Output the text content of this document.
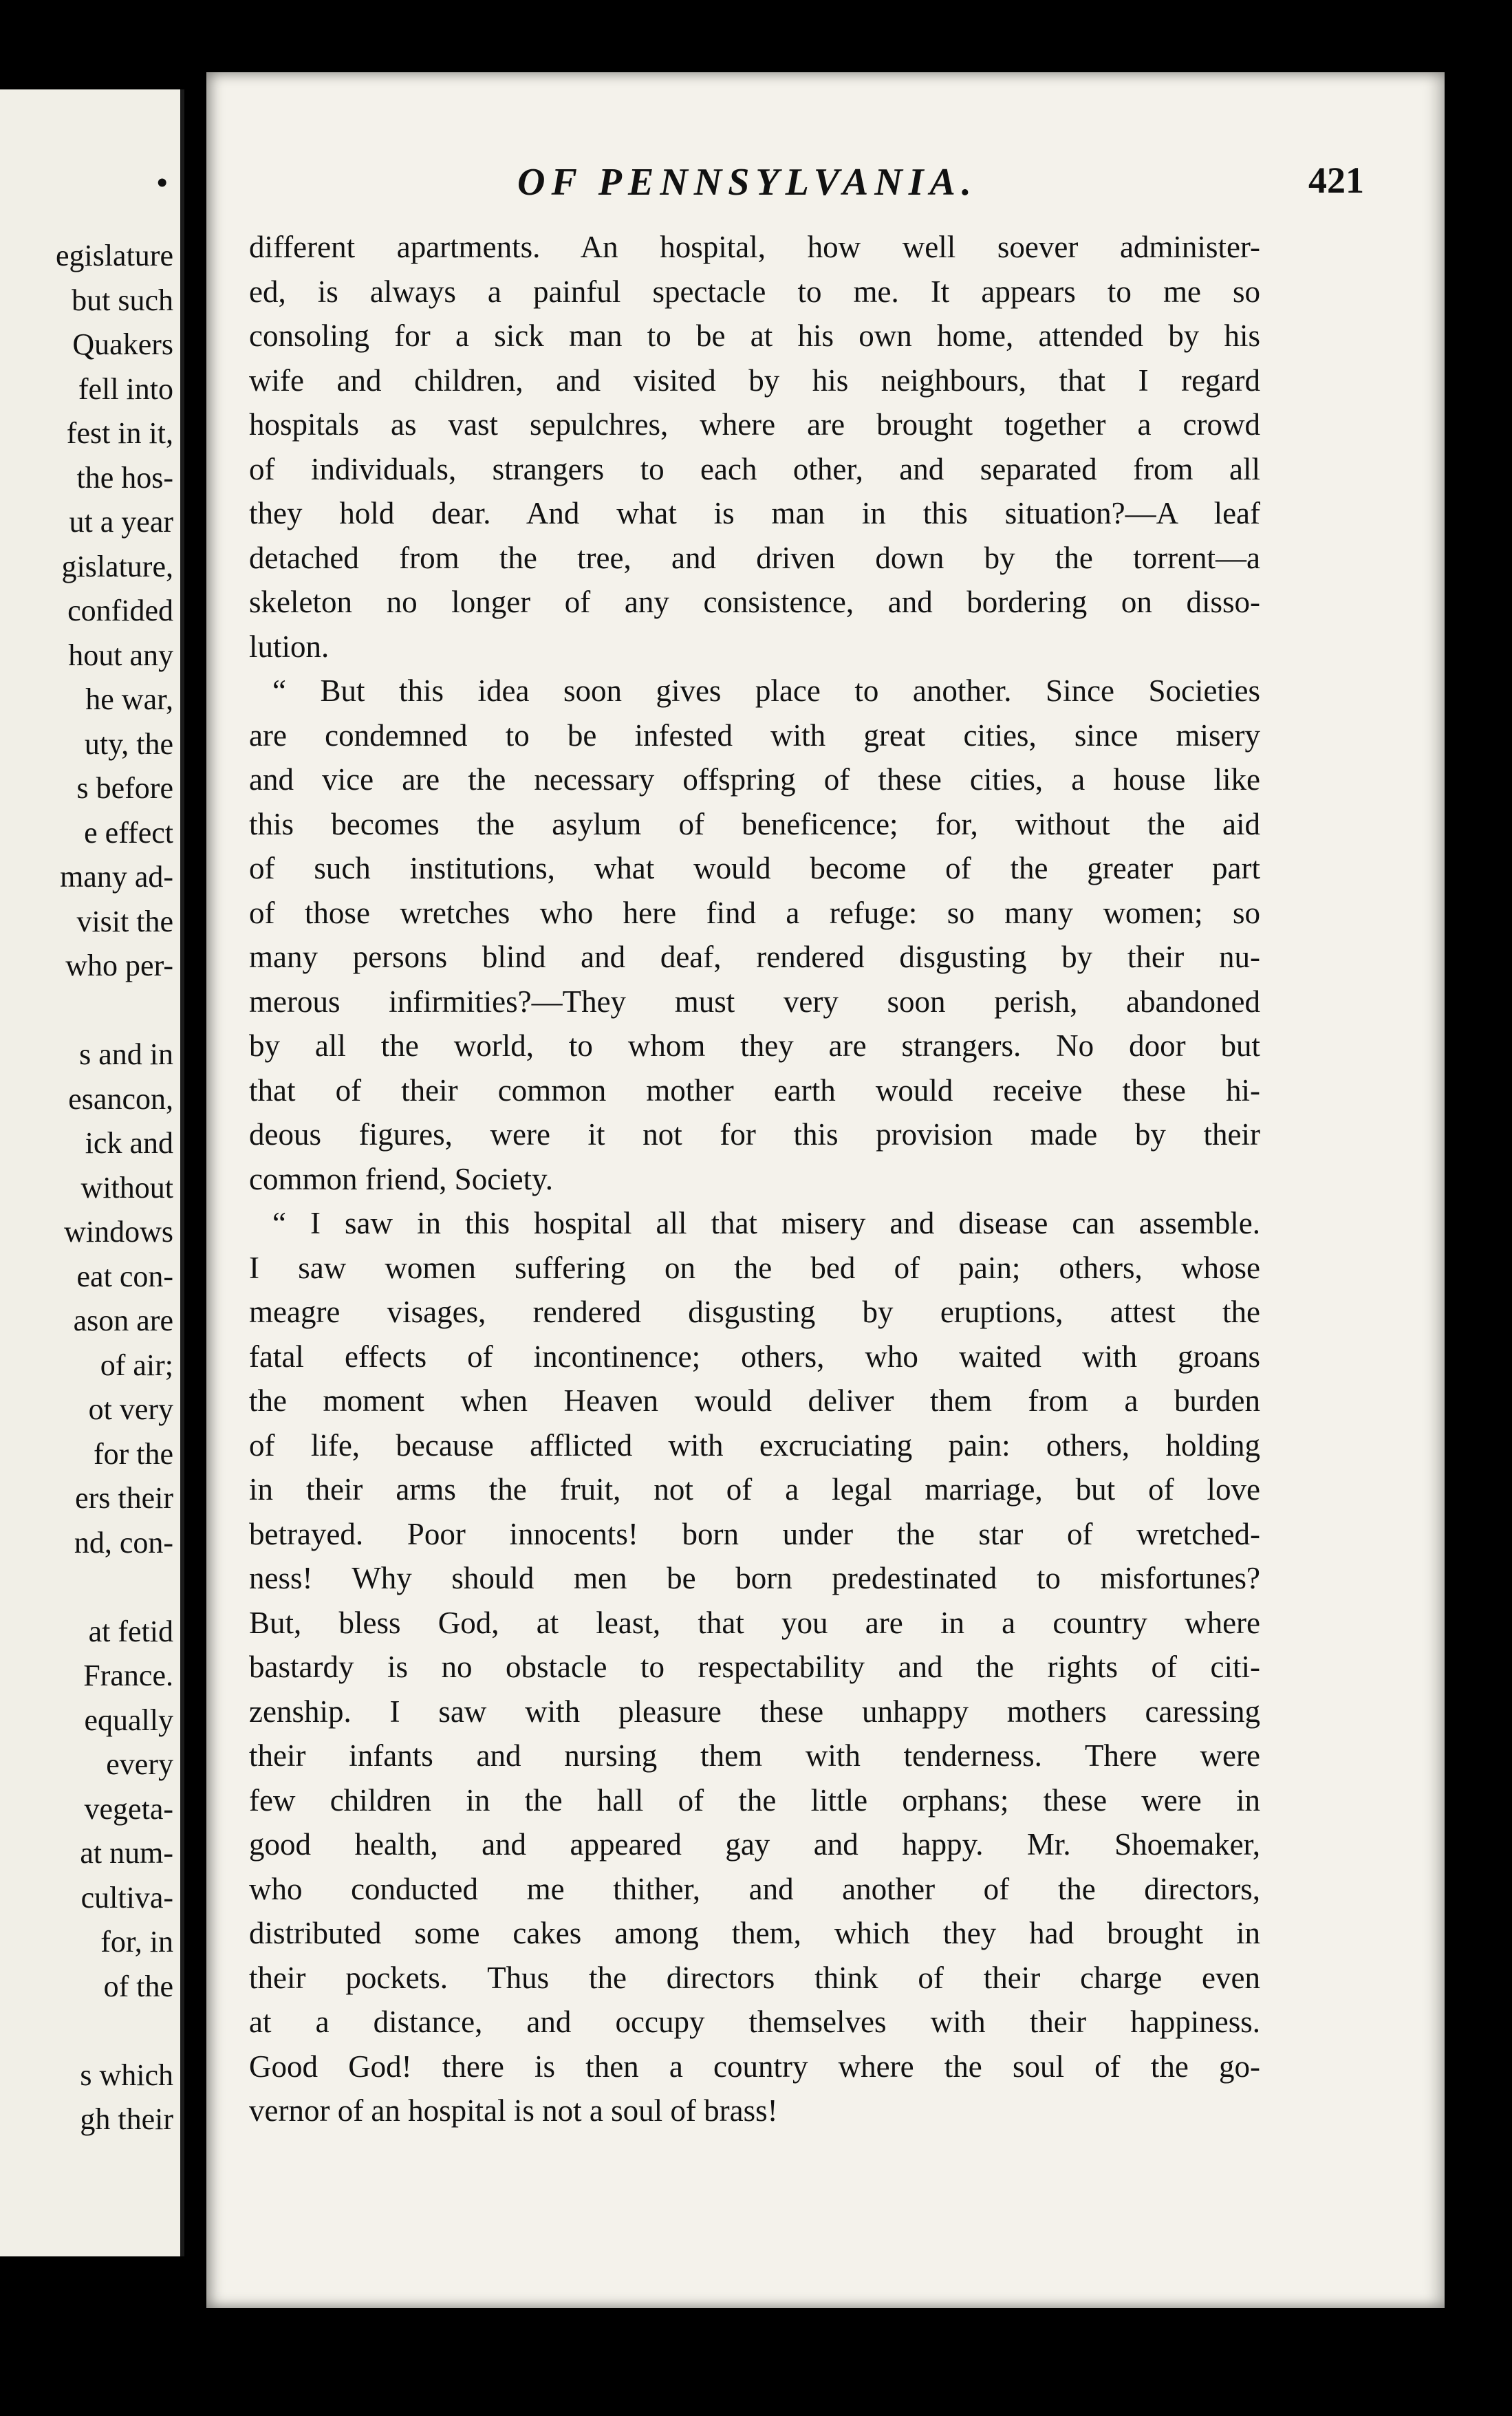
•
egislature
but such
Quakers
fell into
fest in it,
the hos-
ut a year
gislature,
confided
hout any
he war,
uty, the
s before
e effect
many ad-
visit the
who per-
s and in
esancon,
ick and
without
windows
eat con-
ason are
of air;
ot very
for the
ers their
nd, con-
at fetid
France.
equally
every
vegeta-
at num-
cultiva-
for, in
of the
s which
gh their
OF PENNSYLVANIA.	421
different apartments. An hospital, how well soever administer-
ed, is always a painful spectacle to me. It appears to me so
consoling for a sick man to be at his own home, attended by his
wife and children, and visited by his neighbours, that I regard
hospitals as vast sepulchres, where are brought together a crowd
of individuals, strangers to each other, and separated from all
they hold dear. And what is man in this situation?—A leaf
detached from the tree, and driven down by the torrent—a
skeleton no longer of any consistence, and bordering on disso-
lution.
“ But this idea soon gives place to another. Since Societies
are condemned to be infested with great cities, since misery
and vice are the necessary offspring of these cities, a house like
this becomes the asylum of beneficence; for, without the aid
of such institutions, what would become of the greater part
of those wretches who here find a refuge: so many women; so
many persons blind and deaf, rendered disgusting by their nu-
merous infirmities?—They must very soon perish, abandoned
by all the world, to whom they are strangers. No door but
that of their common mother earth would receive these hi-
deous figures, were it not for this provision made by their
common friend, Society.
“ I saw in this hospital all that misery and disease can assemble.
I saw women suffering on the bed of pain; others, whose
meagre visages, rendered disgusting by eruptions, attest the
fatal effects of incontinence; others, who waited with groans
the moment when Heaven would deliver them from a burden
of life, because afflicted with excruciating pain: others, holding
in their arms the fruit, not of a legal marriage, but of love
betrayed. Poor innocents! born under the star of wretched-
ness! Why should men be born predestinated to misfortunes?
But, bless God, at least, that you are in a country where
bastardy is no obstacle to respectability and the rights of citi-
zenship. I saw with pleasure these unhappy mothers caressing
their infants and nursing them with tenderness. There were
few children in the hall of the little orphans; these were in
good health, and appeared gay and happy. Mr. Shoemaker,
who conducted me thither, and another of the directors,
distributed some cakes among them, which they had brought in
their pockets. Thus the directors think of their charge even
at a distance, and occupy themselves with their happiness.
Good God! there is then a country where the soul of the go-
vernor of an hospital is not a soul of brass!
